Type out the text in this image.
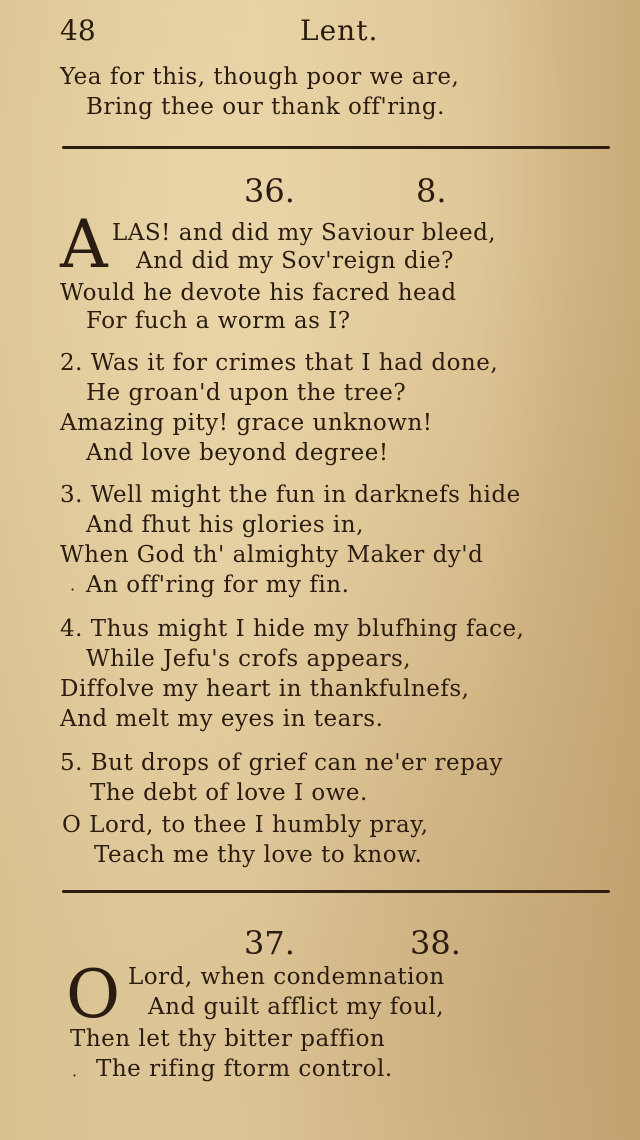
48	Lent.
Yea for this, though poor we are,
Bring thee our thank off'ring.
36.	8.
A LAS! and did my Saviour bleed,
And did my Sov'reign die?
Would he devote his facred head
For fuch a worm as I?
2. Was it for crimes that I had done,
He groan'd upon the tree?
Amazing pity! grace unknown!
And love beyond degree!
3. Well might the fun in darknefs hide
And fhut his glories in,
When God th' almighty Maker dy'd
· An off'ring for my fin.
4. Thus might I hide my blufhing face,
While Jefu's crofs appears,
Diffolve my heart in thankfulnefs,
And melt my eyes in tears.
5. But drops of grief can ne'er repay
The debt of love I owe.
O Lord, to thee I humbly pray,
Teach me thy love to know.
37.	38.
O Lord, when condemnation
And guilt afflict my foul,
Then let thy bitter paffion
· The rifing ftorm control.
